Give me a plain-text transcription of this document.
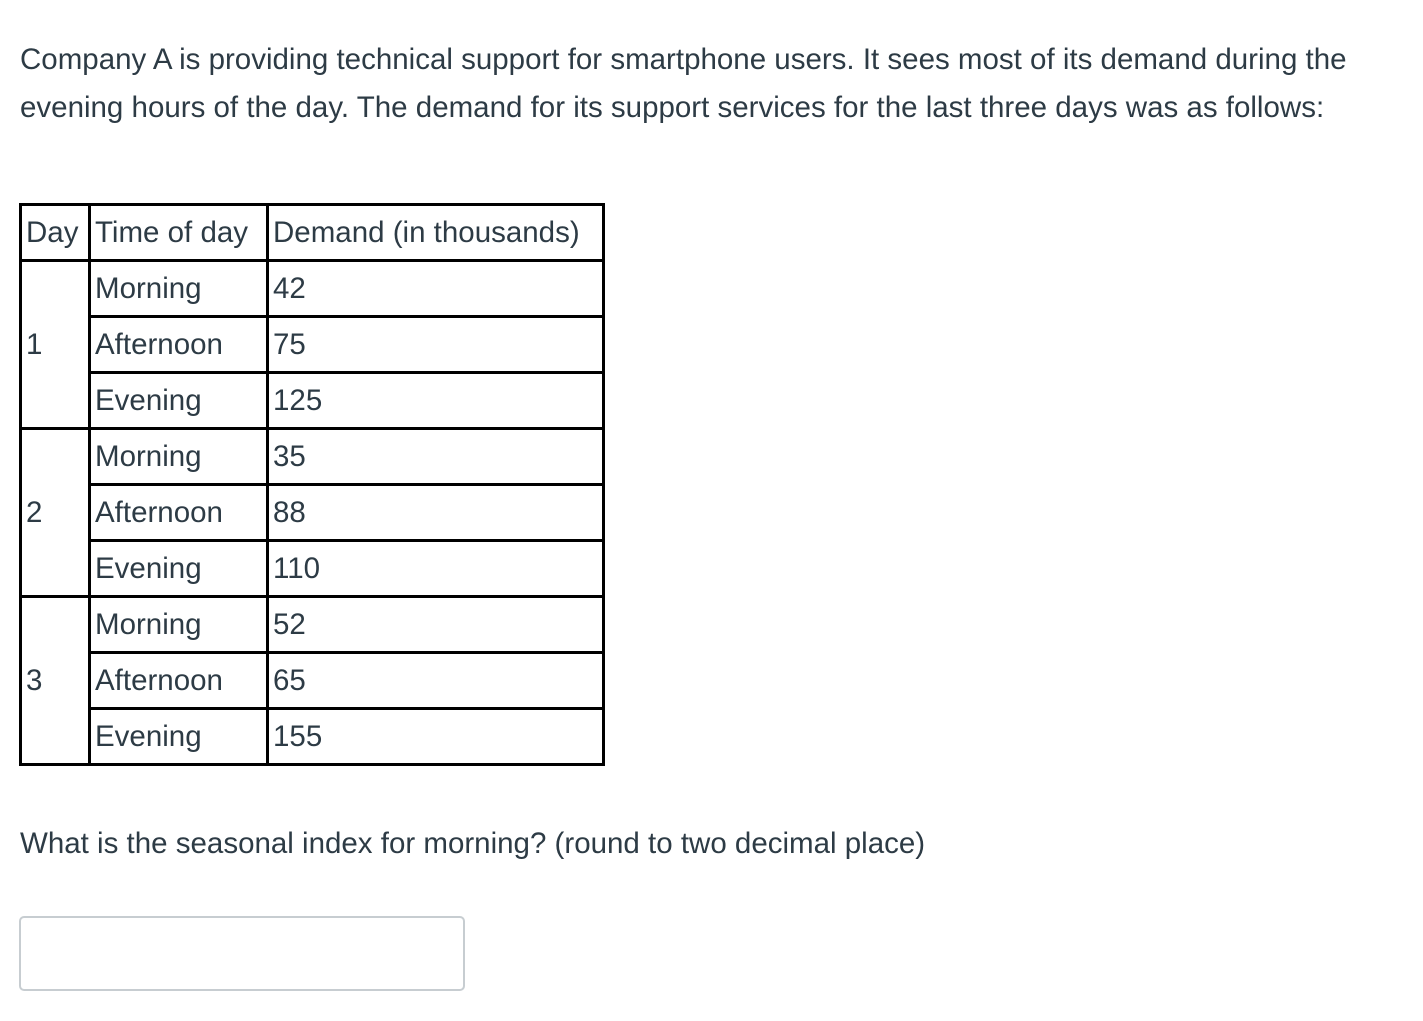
Company A is providing technical support for smartphone users. It sees most of its demand during the evening hours of the day. The demand for its support services for the last three days was as follows:

Day	Time of day	Demand (in thousands)
1	Morning	42
	Afternoon	75
	Evening	125
2	Morning	35
	Afternoon	88
	Evening	110
3	Morning	52
	Afternoon	65
	Evening	155

What is the seasonal index for morning? (round to two decimal place)
